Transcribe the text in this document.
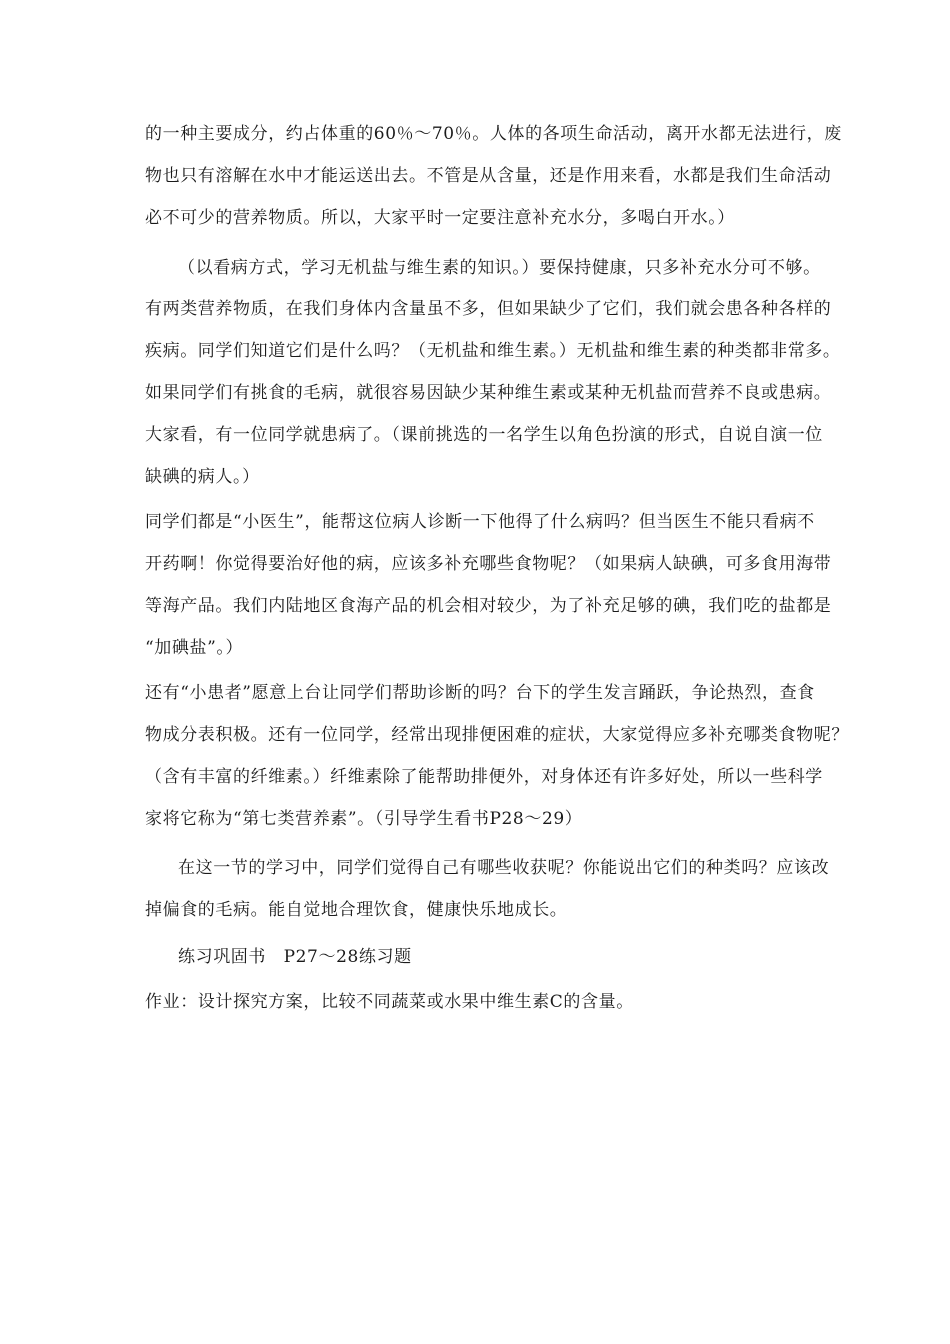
的一种主要成分，约占体重的60％～70％。人体的各项生命活动，离开水都无法进行，废
物也只有溶解在水中才能运送出去。不管是从含量，还是作用来看，水都是我们生命活动
必不可少的营养物质。所以，大家平时一定要注意补充水分，多喝白开水。）
（以看病方式，学习无机盐与维生素的知识。）要保持健康，只多补充水分可不够。
有两类营养物质，在我们身体内含量虽不多，但如果缺少了它们，我们就会患各种各样的
疾病。同学们知道它们是什么吗？（无机盐和维生素。）无机盐和维生素的种类都非常多。
如果同学们有挑食的毛病，就很容易因缺少某种维生素或某种无机盐而营养不良或患病。
大家看，有一位同学就患病了。（课前挑选的一名学生以角色扮演的形式，自说自演一位
缺碘的病人。）
同学们都是“小医生”，能帮这位病人诊断一下他得了什么病吗？但当医生不能只看病不
开药啊！你觉得要治好他的病，应该多补充哪些食物呢？（如果病人缺碘，可多食用海带
等海产品。我们内陆地区食海产品的机会相对较少，为了补充足够的碘，我们吃的盐都是
“加碘盐”。）
还有“小患者”愿意上台让同学们帮助诊断的吗？台下的学生发言踊跃，争论热烈，查食
物成分表积极。还有一位同学，经常出现排便困难的症状，大家觉得应多补充哪类食物呢？
（含有丰富的纤维素。）纤维素除了能帮助排便外，对身体还有许多好处，所以一些科学
家将它称为“第七类营养素”。（引导学生看书P28～29）
在这一节的学习中，同学们觉得自己有哪些收获呢？你能说出它们的种类吗？应该改
掉偏食的毛病。能自觉地合理饮食，健康快乐地成长。
练习巩固书　P27～28练习题
作业：设计探究方案，比较不同蔬菜或水果中维生素C的含量。
